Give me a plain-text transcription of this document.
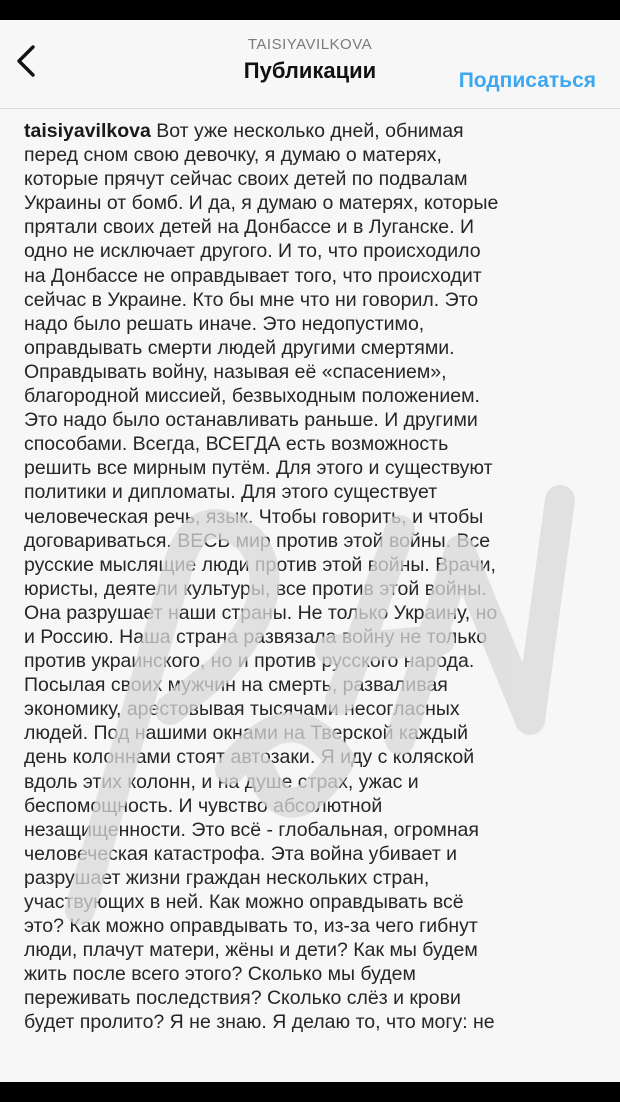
TAISIYAVILKOVA
Публикации	Подписаться
taisiyavilkova Вот уже несколько дней, обнимая
перед сном свою девочку, я думаю о матерях,
которые прячут сейчас своих детей по подвалам
Украины от бомб. И да, я думаю о матерях, которые
прятали своих детей на Донбассе и в Луганске. И
одно не исключает другого. И то, что происходило
на Донбассе не оправдывает того, что происходит
сейчас в Украине. Кто бы мне что ни говорил. Это
надо было решать иначе. Это недопустимо,
оправдывать смерти людей другими смертями.
Оправдывать войну, называя её «спасением»,
благородной миссией, безвыходным положением.
Это надо было останавливать раньше. И другими
способами. Всегда, ВСЕГДА есть возможность
решить все мирным путём. Для этого и существуют
политики и дипломаты. Для этого существует
человеческая речь, язык. Чтобы говорить, и чтобы
договариваться. ВЕСЬ мир против этой войны. Все
русские мыслящие люди против этой войны. Врачи,
юристы, деятели культуры, все против этой войны.
Она разрушает наши страны. Не только Украину, но
и Россию. Наша страна развязала войну не только
против украинского, но и против русского народа.
Посылая своих мужчин на смерть, разваливая
экономику, арестовывая тысячами несогласных
людей. Под нашими окнами на Тверской каждый
день колоннами стоят автозаки. Я иду с коляской
вдоль этих колонн, и на душе страх, ужас и
беспомощность. И чувство абсолютной
незащищенности. Это всё - глобальная, огромная
человеческая катастрофа. Эта война убивает и
разрушает жизни граждан нескольких стран,
участвующих в ней. Как можно оправдывать всё
это? Как можно оправдывать то, из-за чего гибнут
люди, плачут матери, жёны и дети? Как мы будем
жить после всего этого? Сколько мы будем
переживать последствия? Сколько слёз и крови
будет пролито? Я не знаю. Я делаю то, что могу: не
